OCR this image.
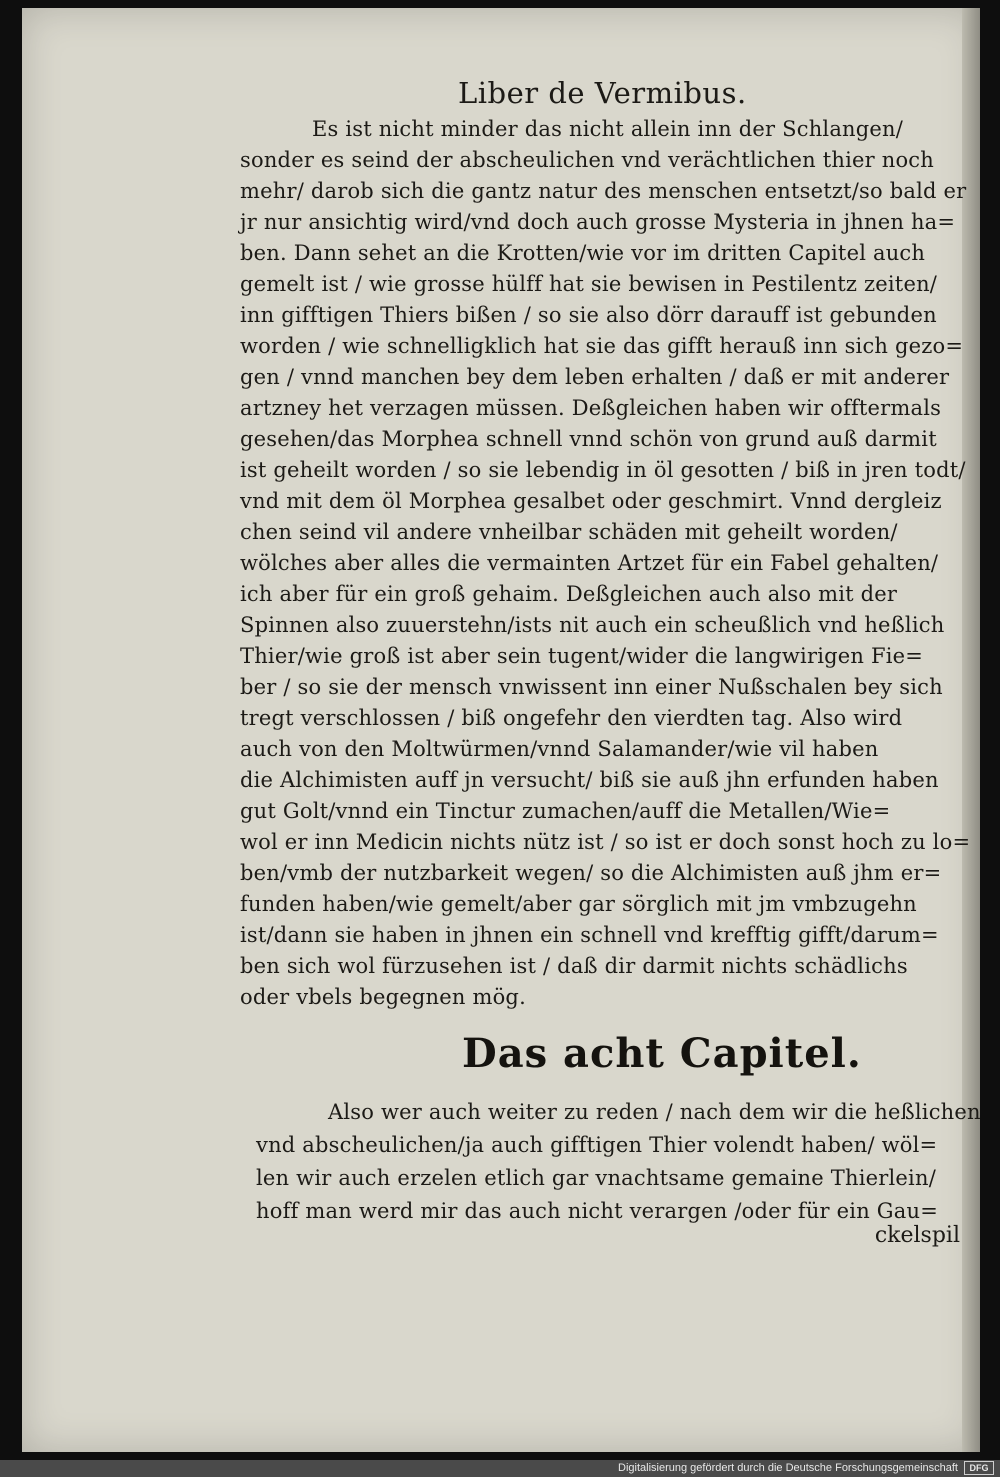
Liber de Vermibus.
Es ist nicht minder das nicht allein inn der Schlangen/
sonder es seind der abscheulichen vnd verächtlichen thier noch
mehr/ darob sich die gantz natur des menschen entsetzt/so bald er
jr nur ansichtig wird/vnd doch auch grosse Mysteria in jhnen ha=
ben. Dann sehet an die Krotten/wie vor im dritten Capitel auch
gemelt ist / wie grosse hülff hat sie bewisen in Pestilentz zeiten/
inn gifftigen Thiers bißen / so sie also dörr darauff ist gebunden
worden / wie schnelligklich hat sie das gifft herauß inn sich gezo=
gen / vnnd manchen bey dem leben erhalten / daß er mit anderer
artzney het verzagen müssen. Deßgleichen haben wir offtermals
gesehen/das Morphea schnell vnnd schön von grund auß darmit
ist geheilt worden / so sie lebendig in öl gesotten / biß in jren todt/
vnd mit dem öl Morphea gesalbet oder geschmirt. Vnnd dergleiz
chen seind vil andere vnheilbar schäden mit geheilt worden/
wölches aber alles die vermainten Artzet für ein Fabel gehalten/
ich aber für ein groß gehaim. Deßgleichen auch also mit der
Spinnen also zuuerstehn/ists nit auch ein scheußlich vnd heßlich
Thier/wie groß ist aber sein tugent/wider die langwirigen Fie=
ber / so sie der mensch vnwissent inn einer Nußschalen bey sich
tregt verschlossen / biß ongefehr den vierdten tag. Also wird
auch von den Moltwürmen/vnnd Salamander/wie vil haben
die Alchimisten auff jn versucht/ biß sie auß jhn erfunden haben
gut Golt/vnnd ein Tinctur zumachen/auff die Metallen/Wie=
wol er inn Medicin nichts nütz ist / so ist er doch sonst hoch zu lo=
ben/vmb der nutzbarkeit wegen/ so die Alchimisten auß jhm er=
funden haben/wie gemelt/aber gar sörglich mit jm vmbzugehn
ist/dann sie haben in jhnen ein schnell vnd krefftig gifft/darum=
ben sich wol fürzusehen ist / daß dir darmit nichts schädlichs
oder vbels begegnen mög.
Das acht Capitel.
Also wer auch weiter zu reden / nach dem wir die heßlichen
vnd abscheulichen/ja auch gifftigen Thier volendt haben/ wöl=
len wir auch erzelen etlich gar vnachtsame gemaine Thierlein/
hoff man werd mir das auch nicht verargen /oder für ein Gau=
ckelspil
Digitalisierung gefördert durch die Deutsche Forschungsgemeinschaft	DFG
